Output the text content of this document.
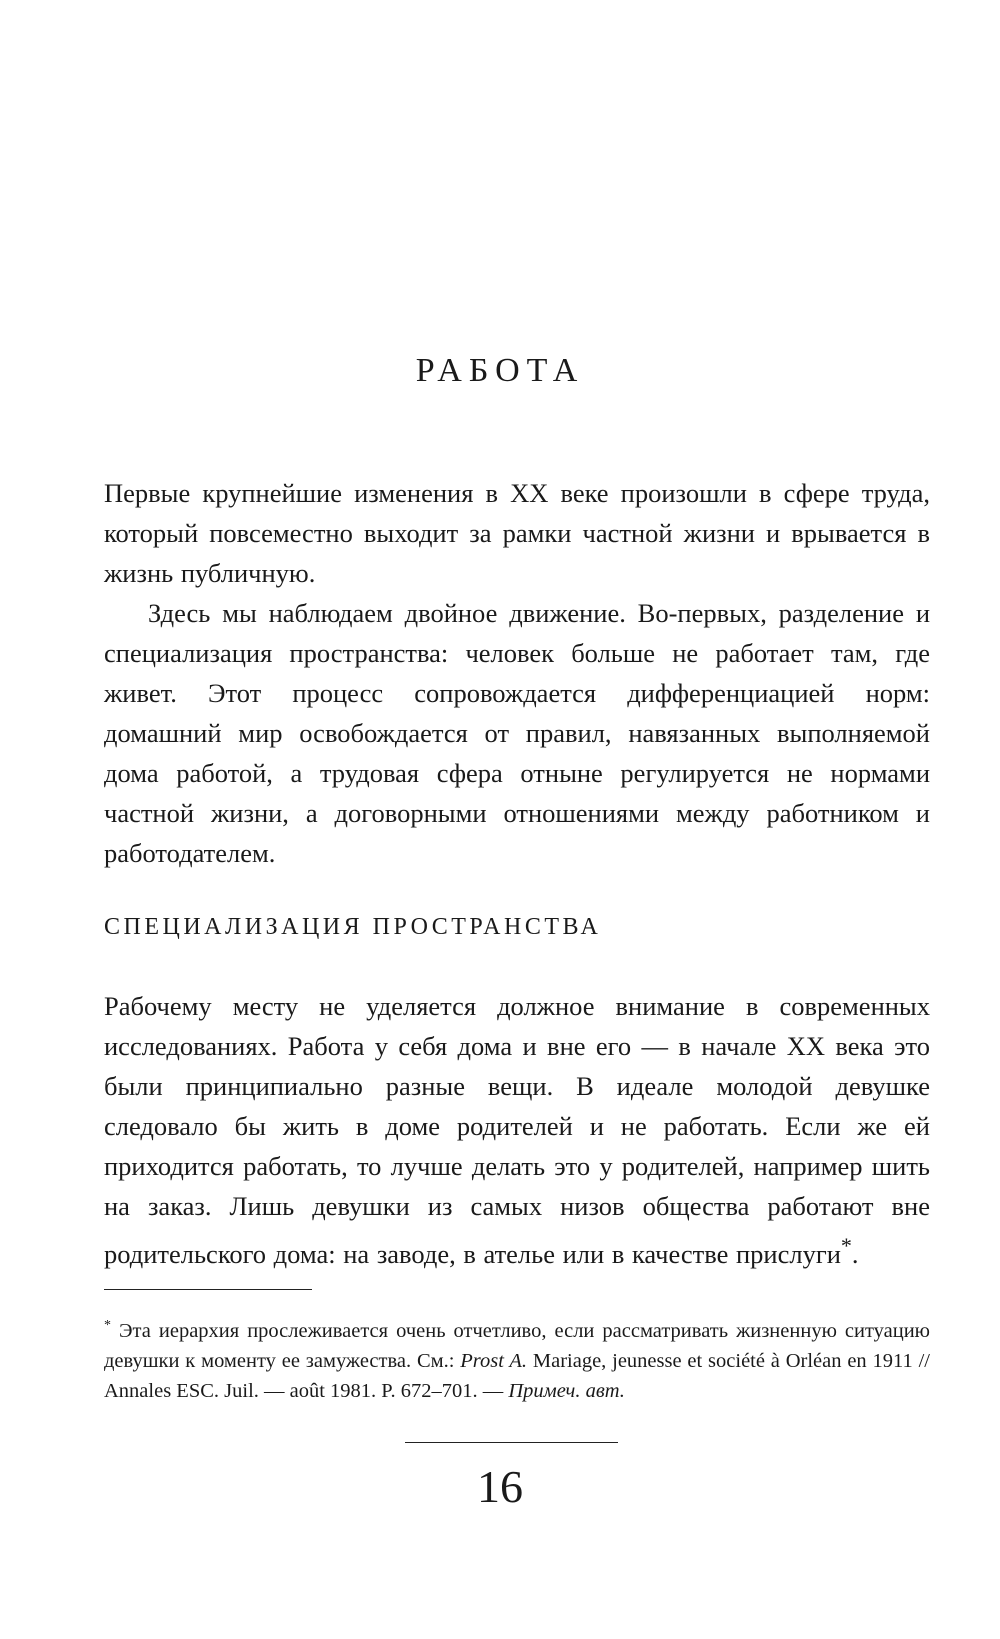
РАБОТА

Первые крупнейшие изменения в XX веке произошли в сфере труда, который повсеместно выходит за рамки частной жизни и врывается в жизнь публичную.

Здесь мы наблюдаем двойное движение. Во-первых, разделение и специализация пространства: человек больше не работает там, где живет. Этот процесс сопровождается дифференциацией норм: домашний мир освобождается от правил, навязанных выполняемой дома работой, а трудовая сфера отныне регулируется не нормами частной жизни, а договорными отношениями между работником и работодателем.

СПЕЦИАЛИЗАЦИЯ ПРОСТРАНСТВА

Рабочему месту не уделяется должное внимание в современных исследованиях. Работа у себя дома и вне его — в начале XX века это были принципиально разные вещи. В идеале молодой девушке следовало бы жить в доме родителей и не работать. Если же ей приходится работать, то лучше делать это у родителей, например шить на заказ. Лишь девушки из самых низов общества работают вне родительского дома: на заводе, в ателье или в качестве прислуги*.

* Эта иерархия прослеживается очень отчетливо, если рассматривать жизненную ситуацию девушки к моменту ее замужества. См.: Prost A. Mariage, jeunesse et société à Orléan en 1911 // Annales ESC. Juil. — août 1981. P. 672–701. — Примеч. авт.

16
